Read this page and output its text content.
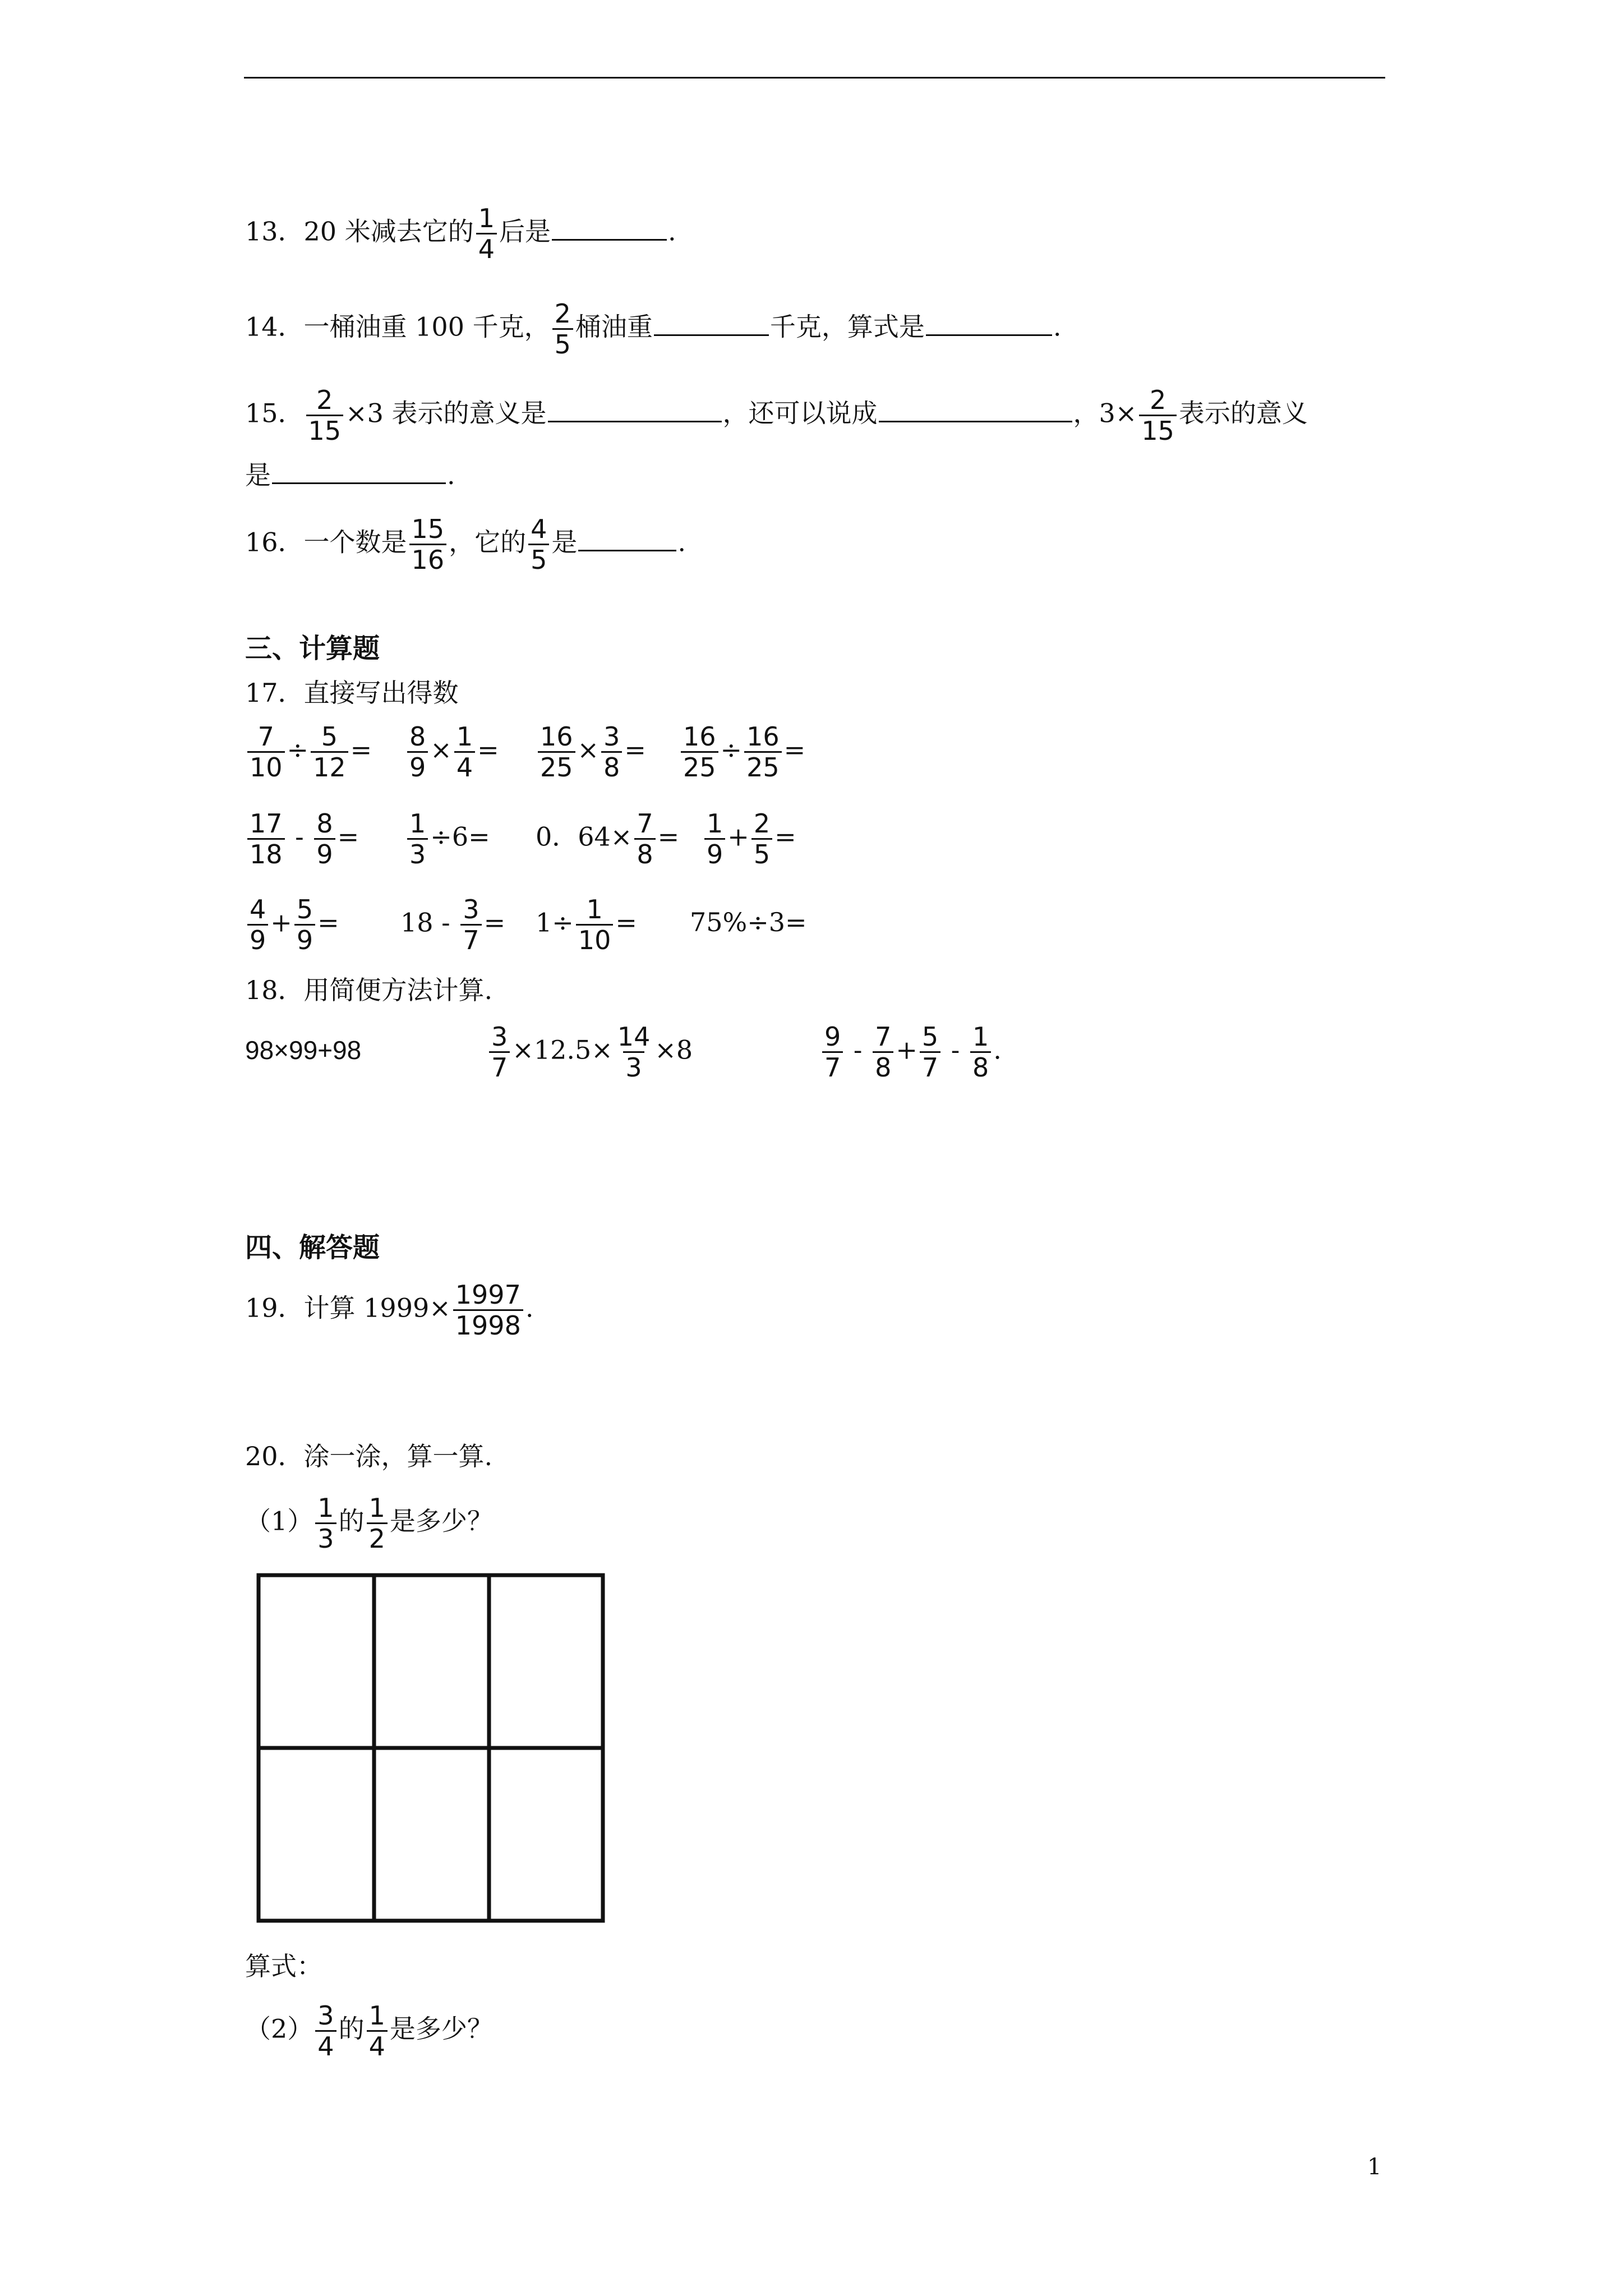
13．20 米减去它的 $\frac{1}{4}$ 后是	.
14．一桶油重 100 千克， $\frac{2}{5}$ 桶油重	千克，算式是	.
15． $\frac{2}{15} \times 3$ 表示的意义是	，还可以说成	，$3\times \frac{2}{15}$ 表示的意义
是	.
16．一个数是 $\frac{15}{16}$ ，它的 $\frac{4}{5}$ 是	.
三、计算题
17．直接写出得数
$\frac{7}{10} \div \frac{5}{12} = \frac{8}{9} \times \frac{1}{4} = \frac{16}{25} \times \frac{3}{8} = \frac{16}{25} \div \frac{16}{25}$ =
$\frac{17}{18} - \frac{8}{9} = \frac{1}{3} \div 6= 0$．$64\times \frac{7}{8} = \frac{1}{9} + \frac{2}{5}$ =
$\frac{4}{9} + \frac{5}{9} = 18 - \frac{3}{7} = 1\div \frac{1}{10} = 75\%\div 3=$
18．用简便方法计算.
98×99+98	$\frac{3}{7} \times 12.5\times \frac{14}{3} \times 8$	$\frac{9}{7} - \frac{7}{8} + \frac{5}{7} - \frac{1}{8}$ .
四、解答题
19．计算 $1999\times \frac{1997}{1998}$ .
20．涂一涂，算一算.
$(1) \frac{1}{3}$ 的 $\frac{1}{2}$ 是多少？
算式：
$(2) \frac{3}{4}$ 的 $\frac{1}{4}$ 是多少？
1
